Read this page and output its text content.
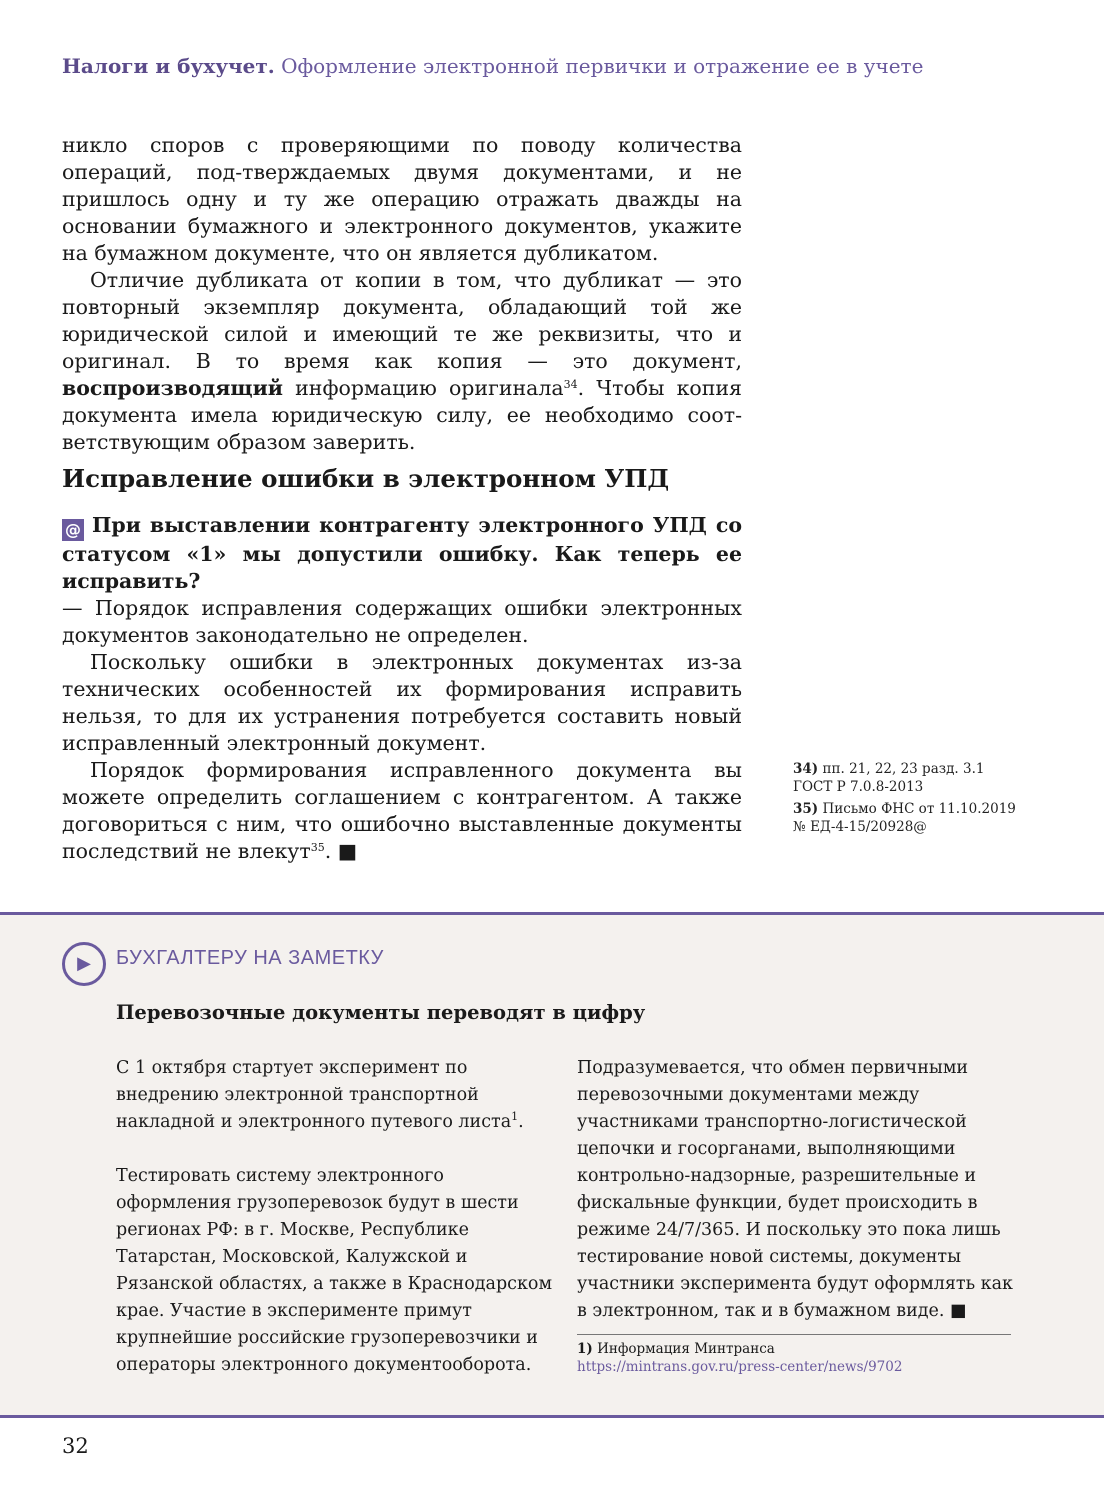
Налоги и бухучет. Оформление электронной первички и отражение ее в учете

никло споров с проверяющими по поводу количества операций, под-тверждаемых двумя документами, и не пришлось одну и ту же операцию отражать дважды на основании бумажного и электронного документов, укажите на бумажном документе, что он является дубликатом.

Отличие дубликата от копии в том, что дубликат — это повторный экземпляр документа, обладающий той же юридической силой и имеющий те же реквизиты, что и оригинал. В то время как копия — это документ, воспроизводящий информацию оригинала$^{34}$. Чтобы копия документа имела юридическую силу, ее необходимо соответствующим образом заверить.

Исправление ошибки в электронном УПД

@ При выставлении контрагенту электронного УПД со статусом «1» мы допустили ошибку. Как теперь ее исправить?

— Порядок исправления содержащих ошибки электронных документов законодательно не определен.

Поскольку ошибки в электронных документах из-за технических особенностей их формирования исправить нельзя, то для их устранения потребуется составить новый исправленный электронный документ.

Порядок формирования исправленного документа вы можете определить соглашением с контрагентом. А также договориться с ним, что ошибочно выставленные документы последствий не влекут$^{35}$. ■

34) пп. 21, 22, 23 разд. 3.1 ГОСТ Р 7.0.8-2013

35) Письмо ФНС от 11.10.2019 № ЕД-4-15/20928@

▶	БУХГАЛТЕРУ НА ЗАМЕТКУ
Перевозочные документы переводят в цифру

С 1 октября стартует эксперимент по внедрению электронной транспортной накладной и электронного путевого листа$^1$.

Тестировать систему электронного оформления грузоперевозок будут в шести регионах РФ: в г. Москве, Республике Татарстан, Московской, Калужской и Рязанской областях, а также в Краснодарском крае. Участие в эксперименте примут крупнейшие российские грузоперевозчики и операторы электронного документооборота.

Подразумевается, что обмен первичными перевозочными документами между участниками транспортно-логистической цепочки и госорганами, выполняющими контрольно-надзорные, разрешительные и фискальные функции, будет происходить в режиме 24/7/365. И поскольку это пока лишь тестирование новой системы, документы участники эксперимента будут оформлять как в электронном, так и в бумажном виде. ■

1) Информация Минтранса
https://mintrans.gov.ru/press-center/news/9702
32
